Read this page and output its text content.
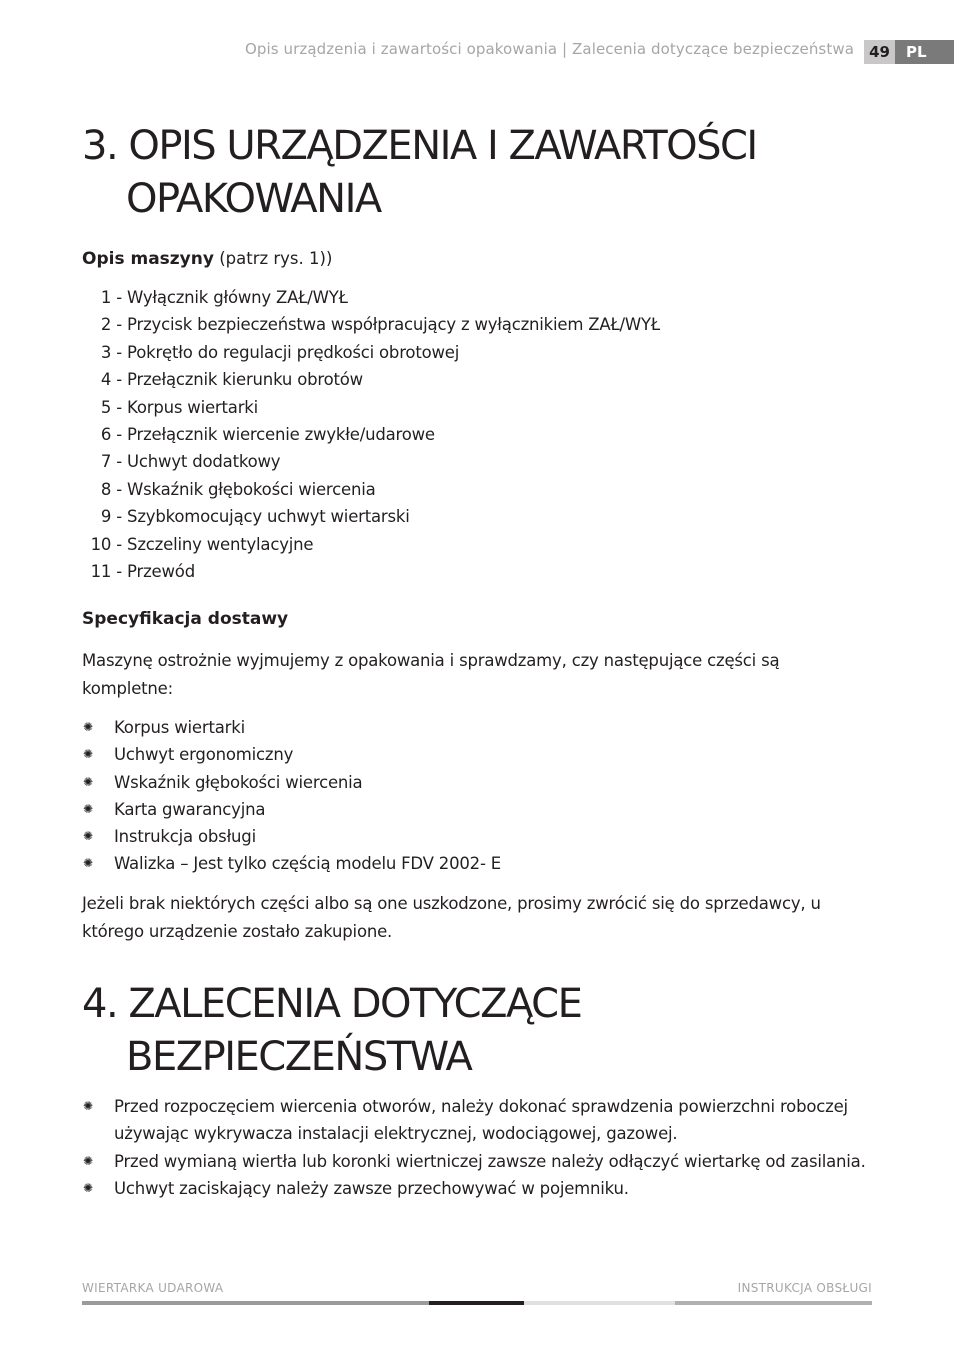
Opis urządzenia i zawartości opakowania | Zalecenia dotyczące bezpieczeństwa	49	PL
3. OPIS URZĄDZENIA I ZAWARTOŚCI
OPAKOWANIA
Opis maszyny (patrz rys. 1))
1 - Wyłącznik główny ZAŁ/WYŁ
2 - Przycisk bezpieczeństwa współpracujący z wyłącznikiem ZAŁ/WYŁ
3 - Pokrętło do regulacji prędkości obrotowej
4 - Przełącznik kierunku obrotów
5 - Korpus wiertarki
6 - Przełącznik wiercenie zwykłe/udarowe
7 - Uchwyt dodatkowy
8 - Wskaźnik głębokości wiercenia
9 - Szybkomocujący uchwyt wiertarski
10 - Szczeliny wentylacyjne
11 - Przewód
Specyfikacja dostawy

Maszynę ostrożnie wyjmujemy z opakowania i sprawdzamy, czy następujące części są kompletne:

✺ Korpus wiertarki
✺ Uchwyt ergonomiczny
✺ Wskaźnik głębokości wiercenia
✺ Karta gwarancyjna
✺ Instrukcja obsługi
✺ Walizka – Jest tylko częścią modelu FDV 2002- E

Jeżeli brak niektórych części albo są one uszkodzone, prosimy zwrócić się do sprzedawcy, u którego urządzenie zostało zakupione.

4. ZALECENIA DOTYCZĄCE
BEZPIECZEŃSTWA
✺ Przed rozpoczęciem wiercenia otworów, należy dokonać sprawdzenia powierzchni roboczej używając wykrywacza instalacji elektrycznej, wodociągowej, gazowej.
✺ Przed wymianą wiertła lub koronki wiertniczej zawsze należy odłączyć wiertarkę od zasilania.
✺ Uchwyt zaciskający należy zawsze przechowywać w pojemniku.
WIERTARKA UDAROWA	INSTRUKCJA OBSŁUGI
